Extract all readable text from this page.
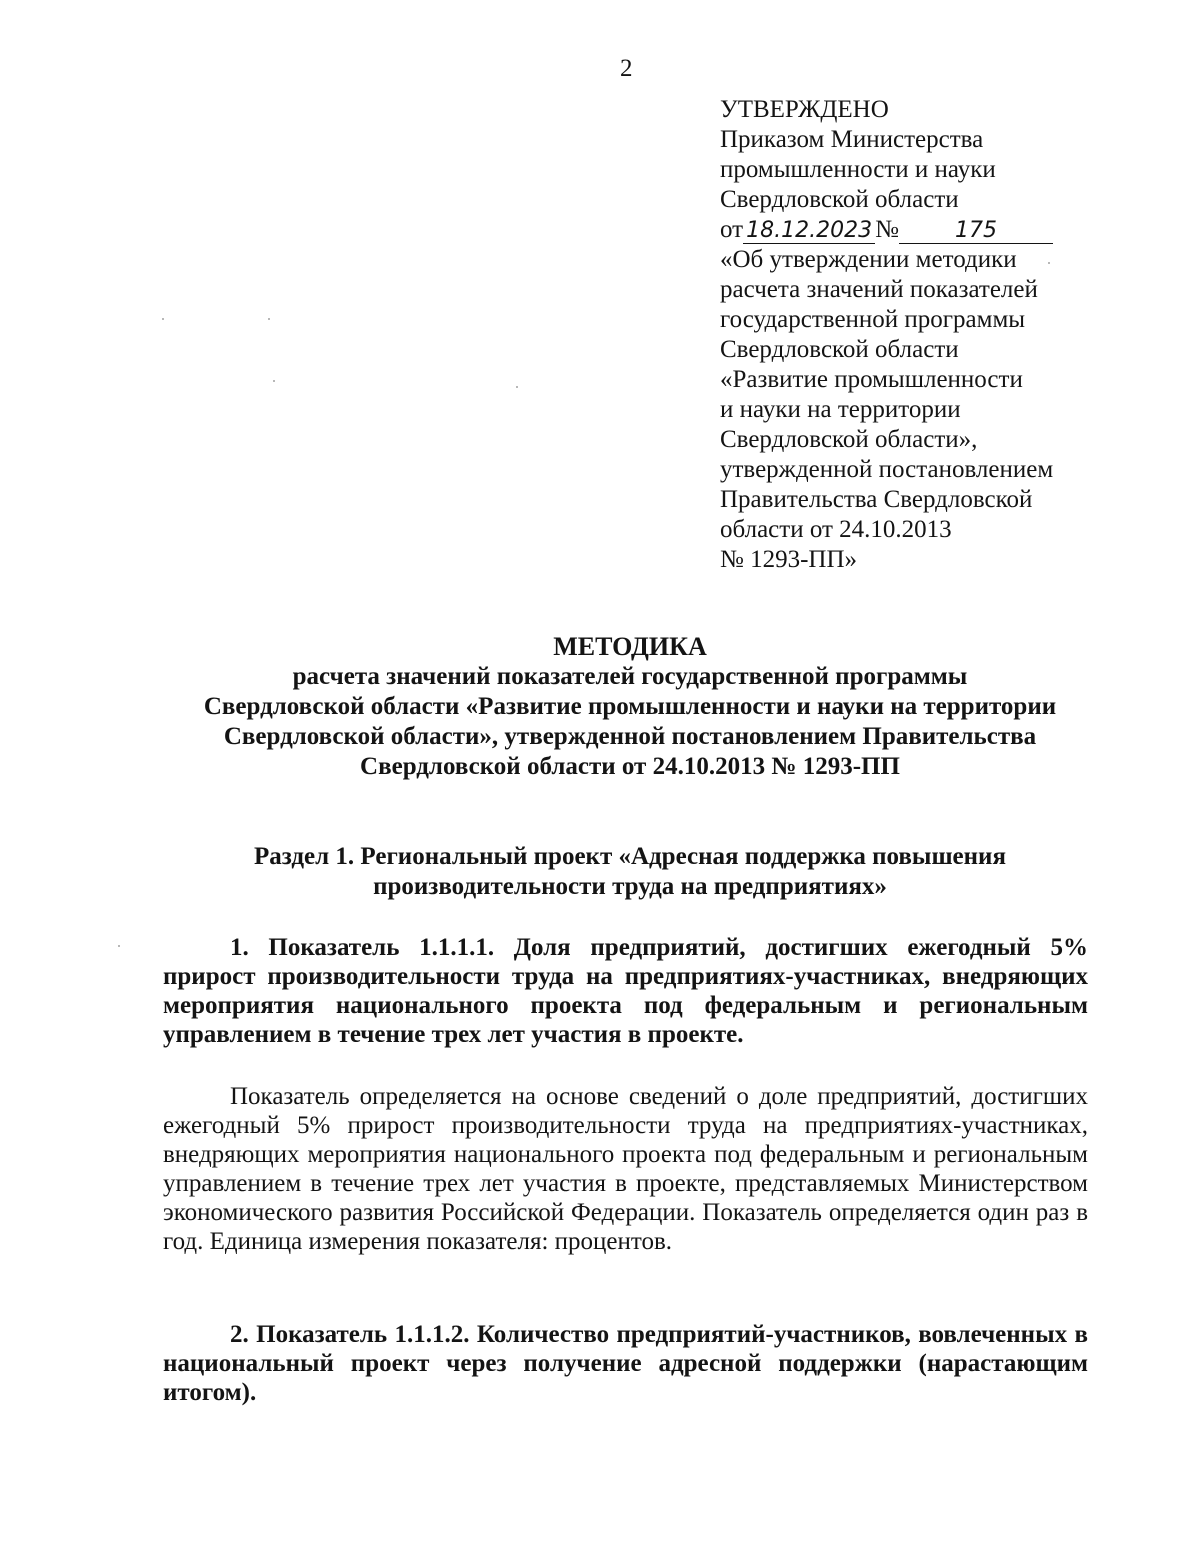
2
УТВЕРЖДЕНО
Приказом Министерства
промышленности и науки
Свердловской области
от 18.12.2023 №	175
«Об утверждении методики
расчета значений показателей
государственной программы
Свердловской области
«Развитие промышленности
и науки на территории
Свердловской области»,
утвержденной постановлением
Правительства Свердловской
области от 24.10.2013
№ 1293-ПП»
МЕТОДИКА
расчета значений показателей государственной программы
Свердловской области «Развитие промышленности и науки на территории
Свердловской области», утвержденной постановлением Правительства
Свердловской области от 24.10.2013 № 1293-ПП
Раздел 1. Региональный проект «Адресная поддержка повышения
производительности труда на предприятиях»
1. Показатель 1.1.1.1. Доля предприятий, достигших ежегодный 5% прирост производительности труда на предприятиях-участниках, внедряющих мероприятия национального проекта под федеральным и региональным управлением в течение трех лет участия в проекте.
Показатель определяется на основе сведений о доле предприятий, достигших ежегодный 5% прирост производительности труда на предприятиях-участниках, внедряющих мероприятия национального проекта под федеральным и региональным управлением в течение трех лет участия в проекте, представляемых Министерством экономического развития Российской Федерации. Показатель определяется один раз в год. Единица измерения показателя: процентов.
2. Показатель 1.1.1.2. Количество предприятий-участников, вовлеченных в национальный проект через получение адресной поддержки (нарастающим итогом).
